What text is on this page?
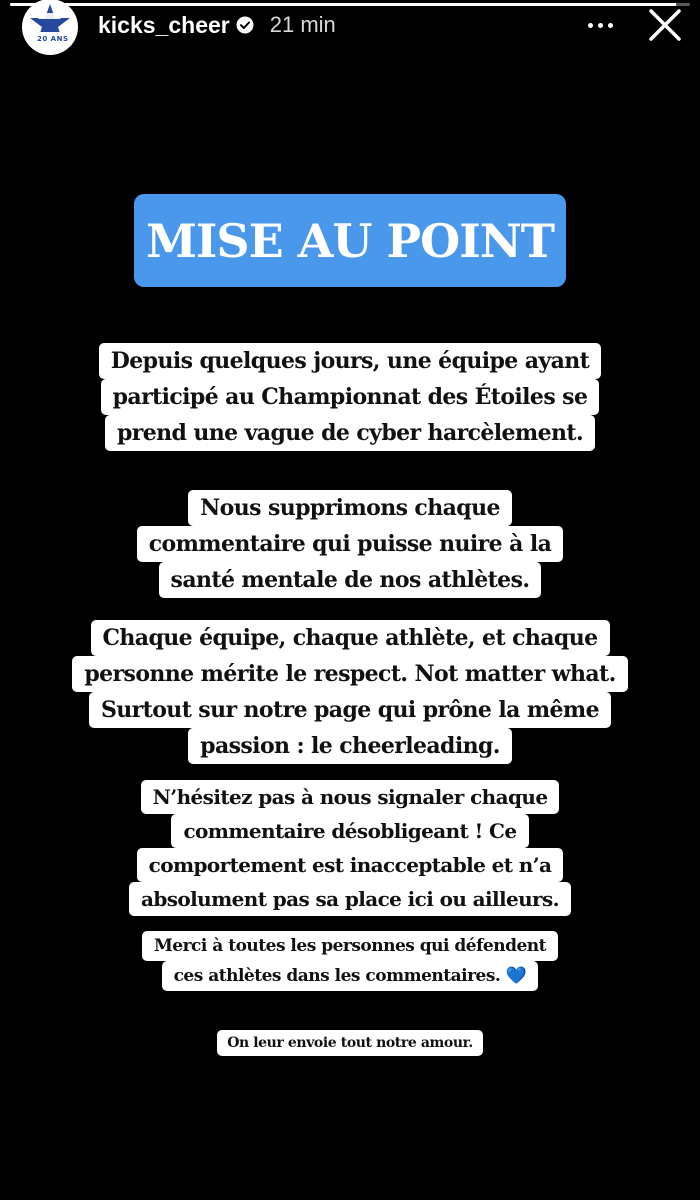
20 ANS
kicks_cheer 21 min
MISE AU POINT
Depuis quelques jours, une équipe ayant
participé au Championnat des Étoiles se
prend une vague de cyber harcèlement.
Nous supprimons chaque
commentaire qui puisse nuire à la
santé mentale de nos athlètes.
Chaque équipe, chaque athlète, et chaque
personne mérite le respect. Not matter what.
Surtout sur notre page qui prône la même
passion : le cheerleading.
N’hésitez pas à nous signaler chaque
commentaire désobligeant ! Ce
comportement est inacceptable et n’a
absolument pas sa place ici ou ailleurs.
Merci à toutes les personnes qui défendent
ces athlètes dans les commentaires. 💙
On leur envoie tout notre amour.
